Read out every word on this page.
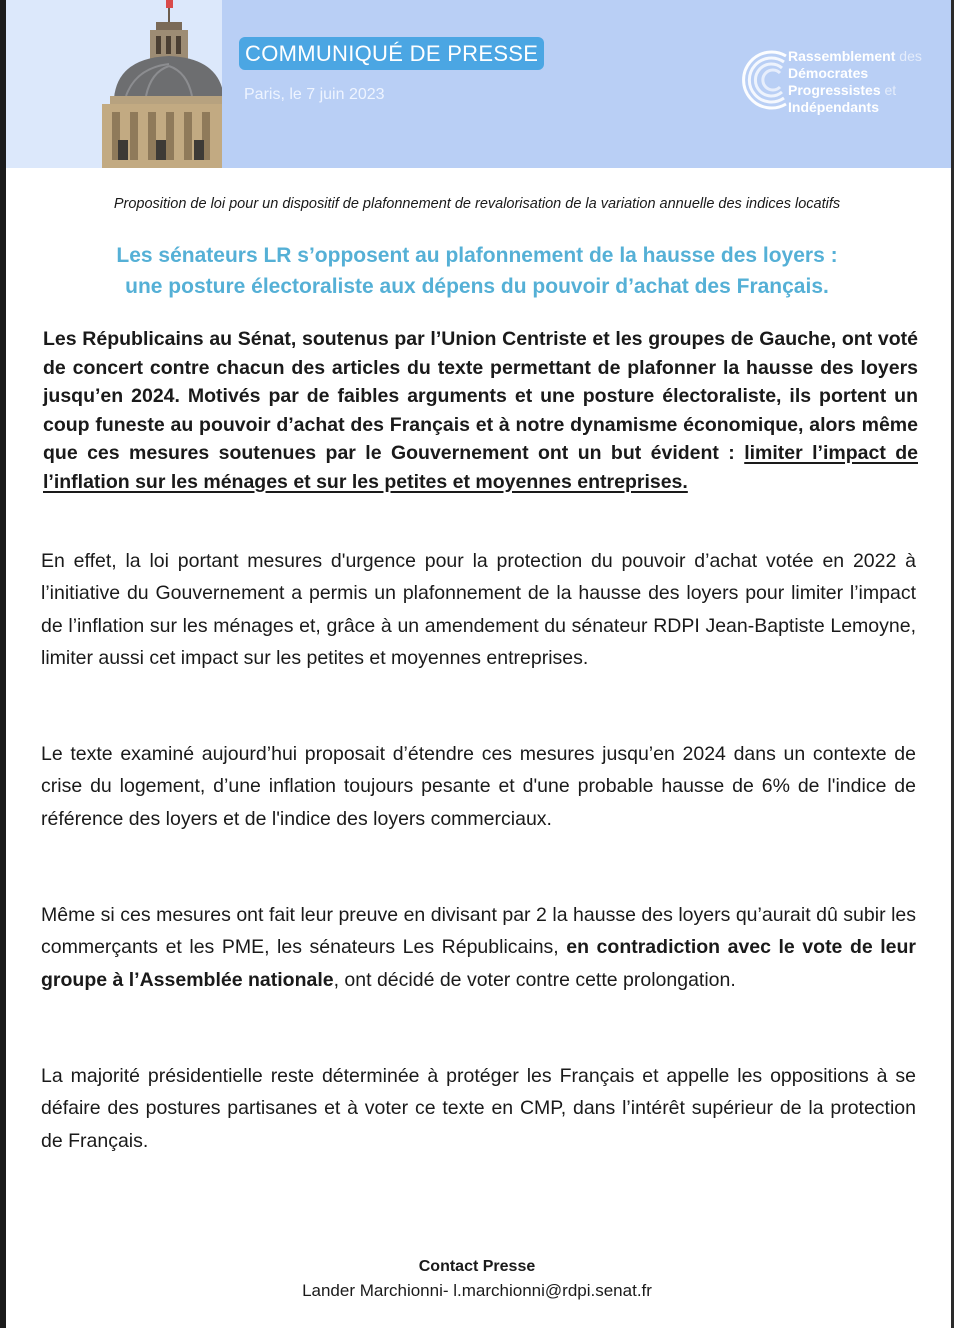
COMMUNIQUÉ DE PRESSE
Paris, le 7 juin 2023
Rassemblement des
Démocrates
Progressistes et
Indépendants
Proposition de loi pour un dispositif de plafonnement de revalorisation de la variation annuelle des indices locatifs
Les sénateurs LR s’opposent au plafonnement de la hausse des loyers :
une posture électoraliste aux dépens du pouvoir d’achat des Français.
Les Républicains au Sénat, soutenus par l’Union Centriste et les groupes de Gauche, ont voté de concert contre chacun des articles du texte permettant de plafonner la hausse des loyers jusqu’en 2024. Motivés par de faibles arguments et une posture électoraliste, ils portent un coup funeste au pouvoir d’achat des Français et à notre dynamisme économique, alors même que ces mesures soutenues par le Gouvernement ont un but évident : limiter l’impact de l’inflation sur les ménages et sur les petites et moyennes entreprises.
En effet, la loi portant mesures d'urgence pour la protection du pouvoir d’achat votée en 2022 à l’initiative du Gouvernement a permis un plafonnement de la hausse des loyers pour limiter l’impact de l’inflation sur les ménages et, grâce à un amendement du sénateur RDPI Jean-Baptiste Lemoyne, limiter aussi cet impact sur les petites et moyennes entreprises.
Le texte examiné aujourd’hui proposait d’étendre ces mesures jusqu’en 2024 dans un contexte de crise du logement, d’une inflation toujours pesante et d'une probable hausse de 6% de l'indice de référence des loyers et de l'indice des loyers commerciaux.
Même si ces mesures ont fait leur preuve en divisant par 2 la hausse des loyers qu’aurait dû subir les commerçants et les PME, les sénateurs Les Républicains, en contradiction avec le vote de leur groupe à l’Assemblée nationale, ont décidé de voter contre cette prolongation.
La majorité présidentielle reste déterminée à protéger les Français et appelle les oppositions à se défaire des postures partisanes et à voter ce texte en CMP, dans l’intérêt supérieur de la protection de Français.
Contact Presse
Lander Marchionni- l.marchionni@rdpi.senat.fr
